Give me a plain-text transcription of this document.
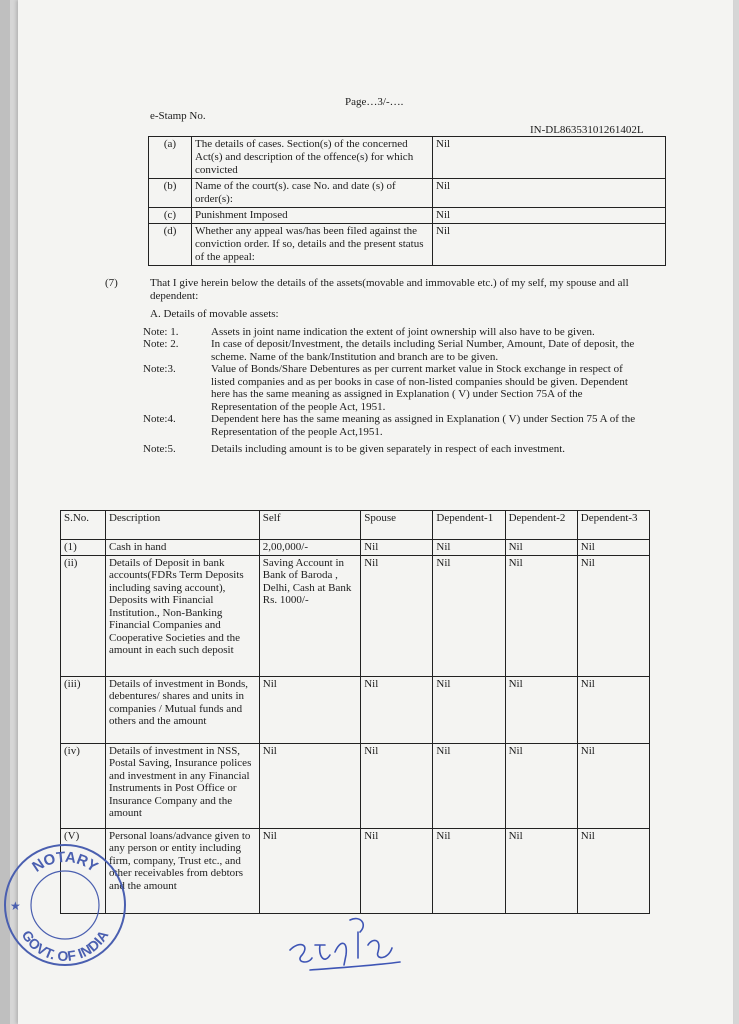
Page…3/-….
e-Stamp No.
IN-DL86353101261402L
(a)	The details of cases. Section(s) of the concerned Act(s) and description of the offence(s) for which convicted	Nil
(b)	Name of the court(s). case No. and date (s) of order(s):	Nil
(c)	Punishment Imposed	Nil
(d)	Whether any appeal was/has been filed against the conviction order. If so, details and the present status of the appeal:	Nil
(7)	That I give herein below the details of the assets(movable and immovable etc.) of my self, my spouse and all dependent:
A. Details of movable assets:
Note: 1.	Assets in joint name indication the extent of joint ownership will also have to be given.
Note: 2.	In case of deposit/Investment, the details including Serial Number, Amount, Date of deposit, the scheme. Name of the bank/Institution and branch are to be given.
Note:3.	Value of Bonds/Share Debentures as per current market value in Stock exchange in respect of listed companies and as per books in case of non-listed companies should be given. Dependent here has the same meaning as assigned in Explanation ( V) under Section 75A of the Representation of the people Act, 1951.
Note:4.	Dependent here has the same meaning as assigned in Explanation ( V) under Section 75 A of the Representation of the people Act,1951.
Note:5.	Details including amount is to be given separately in respect of each investment.
S.No.	Description	Self	Spouse	Dependent-1	Dependent-2	Dependent-3
(1)	Cash in hand	2,00,000/-	Nil	Nil	Nil	Nil
(ii)	Details of Deposit in bank accounts(FDRs Term Deposits including saving account), Deposits with Financial Institution., Non-Banking Financial Companies and Cooperative Societies and the amount in each such deposit	Saving Account in Bank of Baroda , Delhi, Cash at Bank Rs. 1000/-	Nil	Nil	Nil	Nil
(iii)	Details of investment in Bonds, debentures/ shares and units in companies / Mutual funds and others and the amount	Nil	Nil	Nil	Nil	Nil
(iv)	Details of investment in NSS, Postal Saving, Insurance polices and investment in any Financial Instruments in Post Office or Insurance Company and the amount	Nil	Nil	Nil	Nil	Nil
(V)	Personal loans/advance given to any person or entity including firm, company, Trust etc., and other receivables from debtors and the amount	Nil	Nil	Nil	Nil	Nil
NOTARY
GOVT. OF INDIA
★
